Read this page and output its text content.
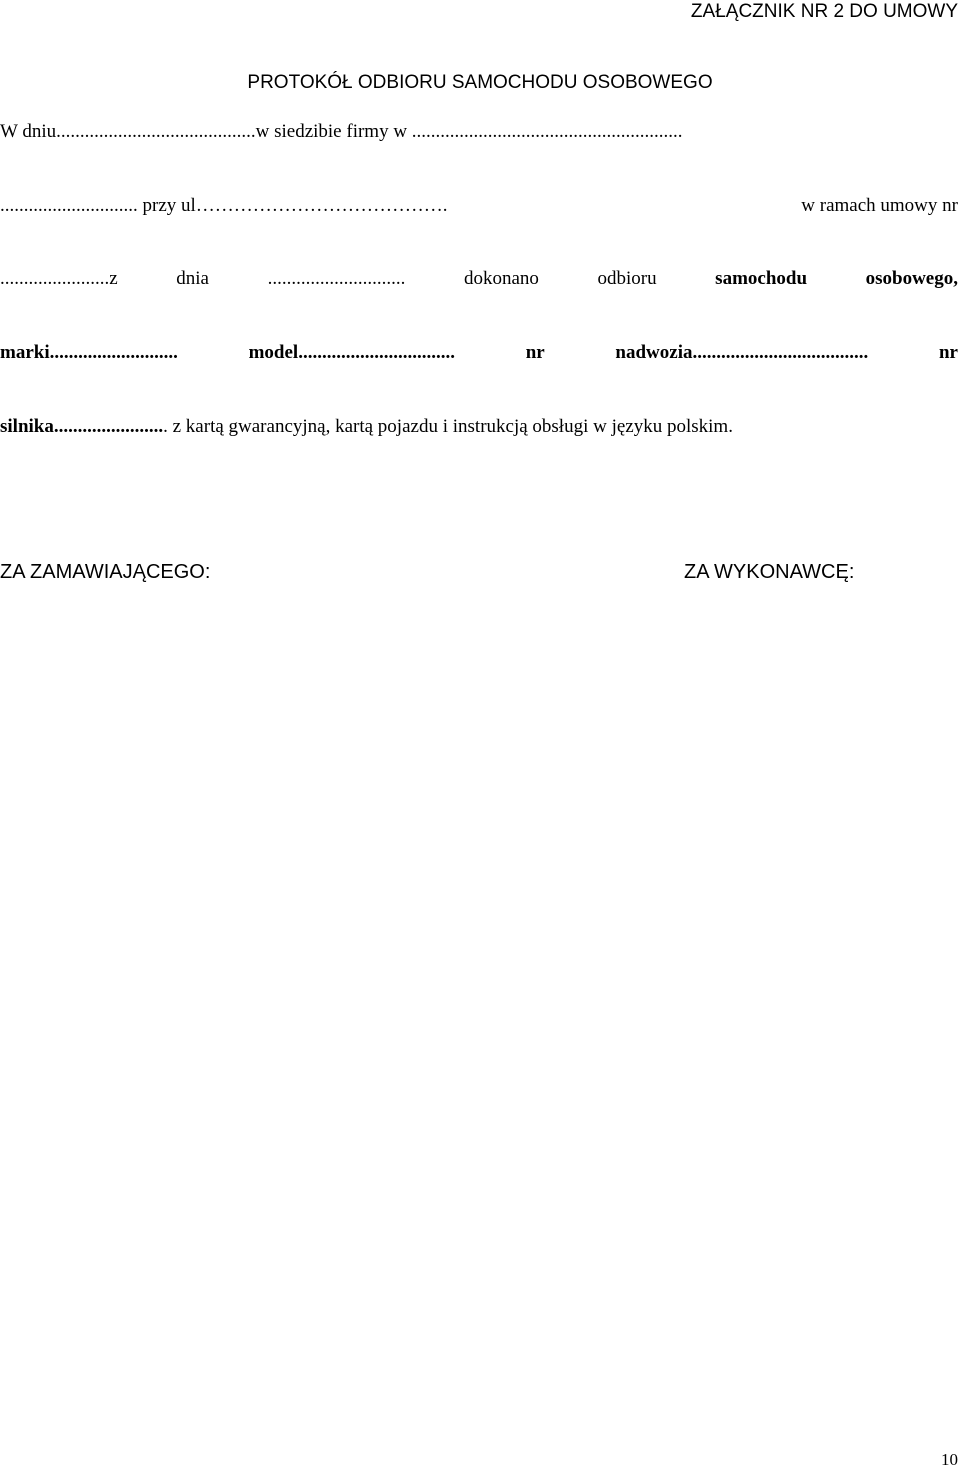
ZAŁĄCZNIK NR 2 DO UMOWY
PROTOKÓŁ ODBIORU SAMOCHODU OSOBOWEGO
W dniu..........................................w siedzibie firmy w .........................................................
............................. przy ul………………………………….	w ramach umowy nr
.......................z	dnia	.............................	dokonano	odbioru	samochodu	osobowego,
marki...........................	model.................................	nr	nadwozia.....................................	nr
silnika........................ z kartą gwarancyjną, kartą pojazdu i instrukcją obsługi w języku polskim.
ZA ZAMAWIAJĄCEGO:	ZA WYKONAWCĘ:
10
